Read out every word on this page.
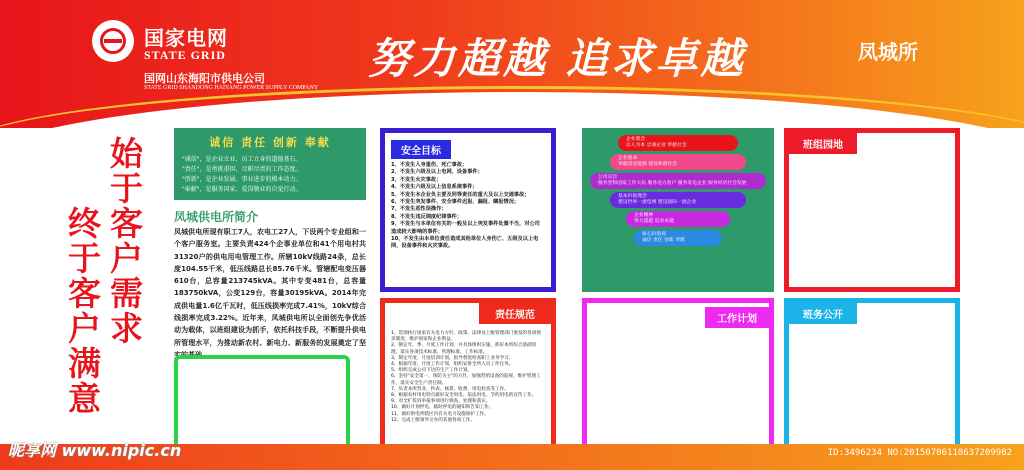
国家电网
STATE GRID
国网山东海阳市供电公司
STATE GRID SHANDONG HAIYANG POWER SUPPLY COMPANY
努力超越 追求卓越	凤城所
始于客户需求
终于客户满意
诚信 责任 创新 奉献
"诚信"，是企业立业、员工立身的道德基石。
"责任"，是勇挑重担、尽职尽责的工作态度。
"创新"，是企业发展、事业进步的根本动力。
"奉献"，是服务国家、爱岗敬业的自觉行动。
凤城供电所简介
凤城供电所现有职工7人，农电工27人，下设两个专业组和一个客户服务室。主要负责424个企事业单位和41个用电村共31320户的供电用电管理工作。所辖10kV线路24条，总长度104.55千米，低压线路总长85.76千米。管辖配电变压器610台，总容量213745kVA。其中专变481台，总容量183750kVA，公变129台，容量30195kVA。2014年完成供电量1.6亿千瓦时，低压线损率完成7.41%，10kV综合线损率完成3.22%。近年来，凤城供电所以全面创先争优活动为载体，以班组建设为抓手，依托科技手段，不断提升供电所管理水平，为推动新农村、新电力、新服务的发展奠定了坚实的基础。
安全目标
1、不发生人身重伤、死亡事故；
2、不发生六级及以上电网、设备事件；
3、不发生火灾事故；
4、不发生六级及以上信息系统事件；
5、不发生本企业负主要及同等责任的重大及以上交通事故；
6、不发生突发事件、安全事件迟报、漏报、瞒报情况；
7、不发生恶性误操作；
8、不发生违反调度纪律事件；
9、不发生与本单位有关的一般及以上突发事件处置不当，对公司造成较大影响的事件；
10、不发生由本单位责任造成其他单位人身伤亡、五级及以上电网、设备事件和火灾事故。
责任规范
1、贯彻执行国家有关电力方针、政策、法律及上级管理部门颁发的各项规章制度，维护国家和企业利益。
2、制定年、季、月度工作计划，并具体组织实施，抓好本所综合基础管理，落实各项技术标准、管理标准、工作标准。
3、制定年度、月度培训计划，指导督促检查职工业务学习。
4、根据年度、月度工作计划，组织安排全所人员工作任务。
5、组织完成公司下达的生产工作计划。
6、坚持"安全第一，预防为主"的方针，加强营销设备的巡视、维护管理工作，落实安全生产责任制。
7、负责本所营业、抄表、核算、收费、用电检查等工作。
8、根据农村用电特点做好安全用电、依法用电、节约用电的宣传工作。
9、对全扩投诉举报事项进行调查、处理和落实。
10、做好计划停电、临时停电的通知和告知工作。
11、做好供电所辖区内有关电力设施保护工作。
12、完成上级领导交办的其他各项工作。
企业理念
以人为本 忠诚企业 奉献社会
企业使命
奉献清洁能源 建设和谐社会
公司宗旨
服务党和国家工作大局 服务电力客户 服务发电企业 服务经济社会发展
基本价值理念
建设世界一流电网 建设国际一流企业
企业精神
努力超越 追求卓越
核心价值观
诚信 责任 创新 奉献
工作计划
班组园地
班务公开
昵享网 www.nipic.cn	ID:3496234 NO:20150706110637209982
